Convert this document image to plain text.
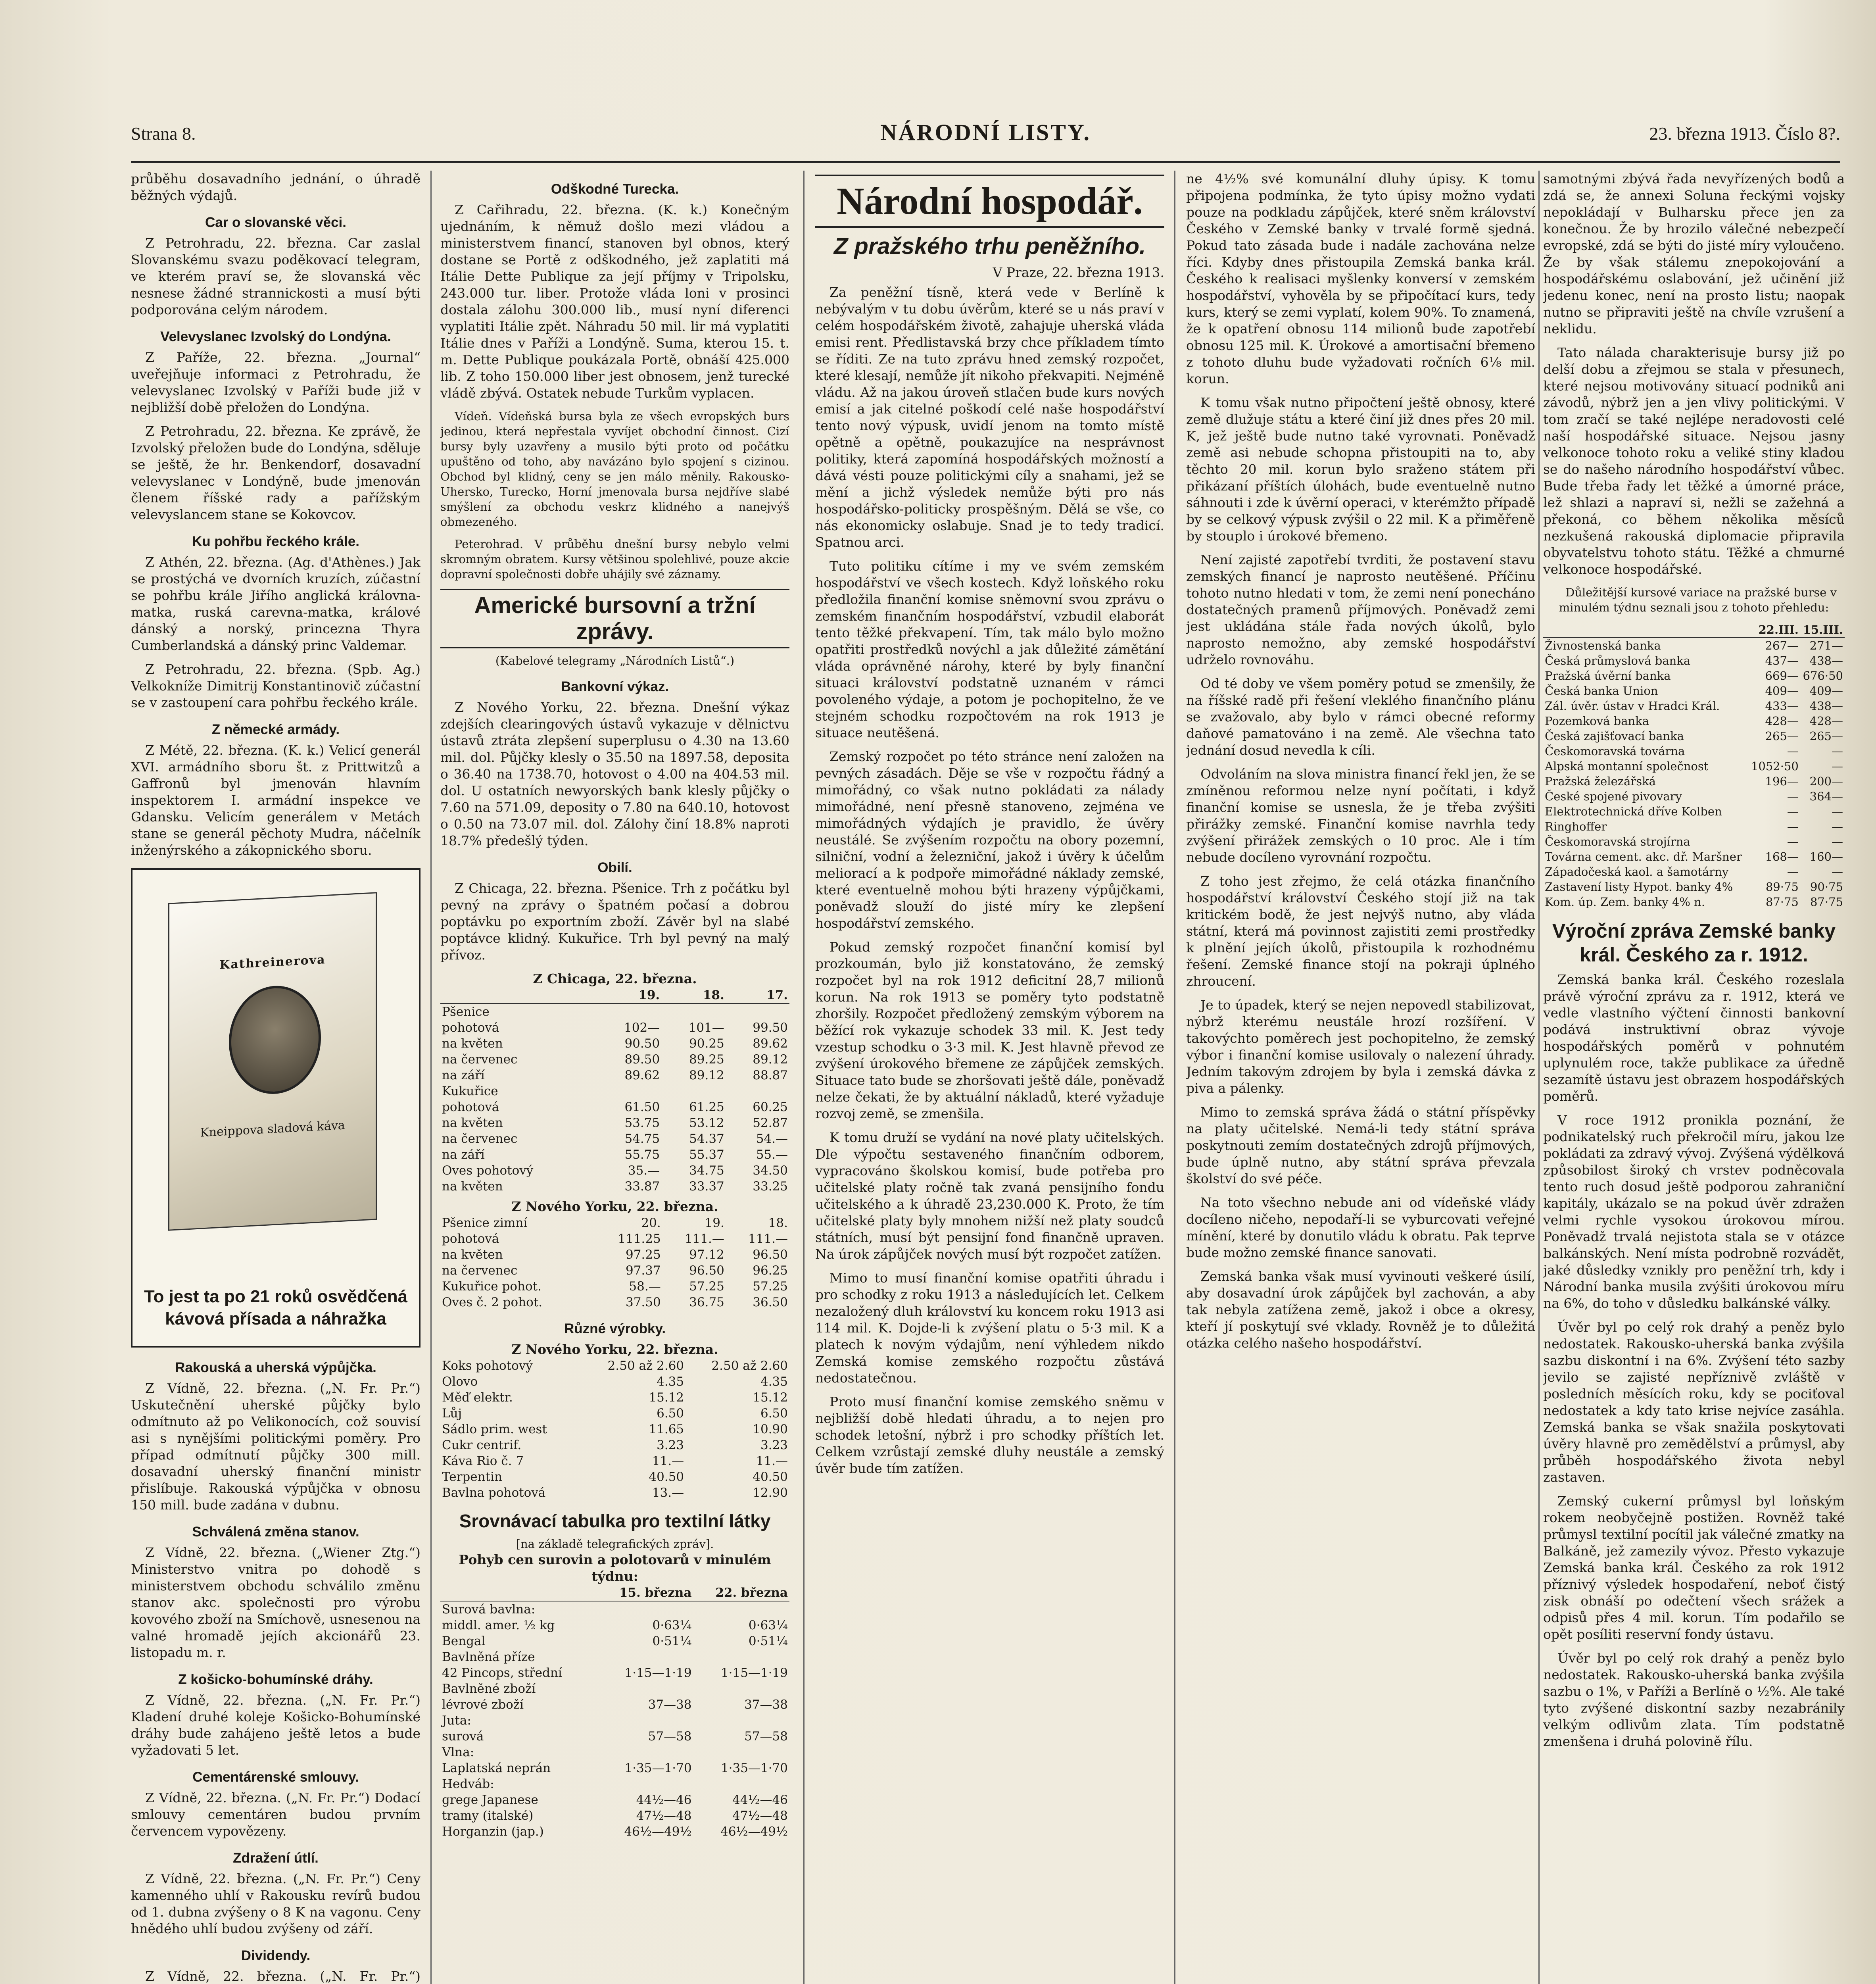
Strana 8.	NÁRODNÍ LISTY.	23. března 1913. Číslo 8?.

průběhu dosavadního jednání, o úhradě běžných výdajů.

Car o slovanské věci.

Z Petrohradu, 22. března. Car zaslal Slovanskému svazu poděkovací telegram, ve kterém praví se, že slovanská věc nesnese žádné strannickosti a musí býti podporována celým národem.

Velevyslanec Izvolský do Londýna.

Z Paříže, 22. března. „Journal“ uveřejňuje informaci z Petrohradu, že velevyslanec Izvolský v Paříži bude již v nejbližší době přeložen do Londýna.

Z Petrohradu, 22. března. Ke zprávě, že Izvolský přeložen bude do Londýna, sděluje se ještě, že hr. Benkendorf, dosavadní velevyslanec v Londýně, bude jmenován členem říšské rady a pařížským velevyslancem stane se Kokovcov.

Ku pohřbu řeckého krále.

Z Athén, 22. března. (Ag. d'Athènes.) Jak se prostýchá ve dvorních kruzích, zúčastní se pohřbu krále Jiřího anglická královna-matka, ruská carevna-matka, králové dánský a norský, princezna Thyra Cumberlandská a dánský princ Valdemar.

Z Petrohradu, 22. března. (Spb. Ag.) Velkokníže Dimitrij Konstantinovič zúčastní se v zastoupení cara pohřbu řeckého krále.

Z německé armády.

Z Métě, 22. března. (K. k.) Velicí generál XVI. armádního sboru št. z Prittwitzů a Gaffronů byl jmenován hlavním inspektorem I. armádní inspekce ve Gdansku. Velicím generálem v Metách stane se generál pěchoty Mudra, náčelník inženýrského a zákopnického sboru.

Kathreinerova
Kneippova sladová káva
To jest ta po 21 roků osvědčená kávová přísada a náhražka
Rakouská a uherská výpůjčka.

Z Vídně, 22. března. („N. Fr. Pr.“) Uskutečnění uherské půjčky bylo odmítnuto až po Velikonocích, což souvisí asi s nynějšími politickými poměry. Pro případ odmítnutí půjčky 300 mill. dosavadní uherský finanční ministr přislíbuje. Rakouská výpůjčka v obnosu 150 mill. bude zadána v dubnu.

Schválená změna stanov.

Z Vídně, 22. března. („Wiener Ztg.“) Ministerstvo vnitra po dohodě s ministerstvem obchodu schválilo změnu stanov akc. společnosti pro výrobu kovového zboží na Smíchově, usnesenou na valné hromadě jejích akcionářů 23. listopadu m. r.

Z košicko-bohumínské dráhy.

Z Vídně, 22. března. („N. Fr. Pr.“) Kladení druhé koleje Košicko-Bohumínské dráhy bude zahájeno ještě letos a bude vyžadovati 5 let.

Cementárenské smlouvy.

Z Vídně, 22. března. („N. Fr. Pr.“) Dodací smlouvy cementáren budou prvním červencem vypovězeny.

Zdražení útlí.

Z Vídně, 22. března. („N. Fr. Pr.“) Ceny kamenného uhlí v Rakousku revírů budou od 1. dubna zvýšeny o 8 K na vagonu. Ceny hnědého uhlí budou zvýšeny od září.

Dividendy.

Z Vídně, 22. března. („N. Fr. Pr.“)

Odškodné Turecka.

Z Cařihradu, 22. března. (K. k.) Konečným ujednáním, k němuž došlo mezi vládou a ministerstvem financí, stanoven byl obnos, který dostane se Portě z odškodného, jež zaplatiti má Itálie Dette Publique za její příjmy v Tripolsku, 243.000 tur. liber. Protože vláda loni v prosinci dostala zálohu 300.000 lib., musí nyní diferenci vyplatiti Itálie zpět. Náhradu 50 mil. lir má vyplatiti Itálie dnes v Paříži a Londýně. Suma, kterou 15. t. m. Dette Publique poukázala Portě, obnáší 425.000 lib. Z toho 150.000 liber jest obnosem, jenž turecké vládě zbývá. Ostatek nebude Turkům vyplacen.

Vídeň. Vídeňská bursa byla ze všech evropských burs jedinou, která nepřestala vyvíjet obchodní činnost. Cizí bursy byly uzavřeny a musilo býti proto od počátku upuštěno od toho, aby navázáno bylo spojení s cizinou. Obchod byl klidný, ceny se jen málo měnily. Rakousko-Uhersko, Turecko, Horní jmenovala bursa nejdříve slabé smýšlení za obchodu veskrz klidného a nanejvýš obmezeného.

Peterohrad. V průběhu dnešní bursy nebylo velmi skromným obratem. Kursy většinou spolehlivé, pouze akcie dopravní společnosti dobře uhájily své záznamy.

Americké bursovní a tržní zprávy.
(Kabelové telegramy „Národních Listů“.)
Bankovní výkaz.

Z Nového Yorku, 22. března. Dnešní výkaz zdejších clearingových ústavů vykazuje v dělnictvu ústavů ztráta zlepšení superplusu o 4.30 na 13.60 mil. dol. Půjčky klesly o 35.50 na 1897.58, deposita o 36.40 na 1738.70, hotovost o 4.00 na 404.53 mil. dol. U ostatních newyorských bank klesly půjčky o 7.60 na 571.09, deposity o 7.80 na 640.10, hotovost o 0.50 na 73.07 mil. dol. Zálohy činí 18.8% naproti 18.7% předešlý týden.

Obilí.

Z Chicaga, 22. března. Pšenice. Trh z počátku byl pevný na zprávy o špatném počasí a dobrou poptávku po exportním zboží. Závěr byl na slabé poptávce klidný. Kukuřice. Trh byl pevný na malý přívoz.

Z Chicaga, 22. března.
	19.	18.	17.
Pšenice			
pohotová	102—	101—	99.50
na květen	90.50	90.25	89.62
na červenec	89.50	89.25	89.12
na září	89.62	89.12	88.87
Kukuřice			
pohotová	61.50	61.25	60.25
na květen	53.75	53.12	52.87
na červenec	54.75	54.37	54.—
na září	55.75	55.37	55.—
Oves pohotový	35.—	34.75	34.50
na květen	33.87	33.37	33.25
Z Nového Yorku, 22. března.
Pšenice zimní	20.	19.	18.
pohotová	111.25	111.—	111.—
na květen	97.25	97.12	96.50
na červenec	97.37	96.50	96.25
Kukuřice pohot.	58.—	57.25	57.25
Oves č. 2 pohot.	37.50	36.75	36.50
Různé výrobky.
Z Nového Yorku, 22. března.
Koks pohotový	2.50 až 2.60	2.50 až 2.60
Olovo	4.35	4.35
Měď elektr.	15.12	15.12
Lůj	6.50	6.50
Sádlo prim. west	11.65	10.90
Cukr centrif.	3.23	3.23
Káva Rio č. 7	11.—	11.—
Terpentin	40.50	40.50
Bavlna pohotová	13.—	12.90
Srovnávací tabulka pro textilní látky
[na základě telegrafických zpráv].
Pohyb cen surovin a polotovarů v minulém týdnu:
	15. března	22. března
Surová bavlna:		
middl. amer. ½ kg	0·63¼	0·63¼
Bengal	0·51¼	0·51¼
Bavlněná příze		
42 Pincops, střední	1·15—1·19	1·15—1·19
Bavlněné zboží		
lévrové zboží	37—38	37—38
Juta:		
surová	57—58	57—58
Vlna:		
Laplatská neprán	1·35—1·70	1·35—1·70
Hedváb:		
grege Japanese	44½—46	44½—46
tramy (italské)	47½—48	47½—48
Horganzin (jap.)	46½—49½	46½—49½
Národní hospodář.
Z pražského trhu peněžního.
V Praze, 22. března 1913.

Za peněžní tísně, která vede v Berlíně k nebývalým v tu dobu úvěrům, které se u nás praví v celém hospodářském životě, zahajuje uherská vláda emisi rent. Předlistavská brzy chce příkladem tímto se říditi. Ze na tuto zprávu hned zemský rozpočet, které klesají, nemůže jít nikoho překvapiti. Nejméně vládu. Až na jakou úroveň stlačen bude kurs nových emisí a jak citelné poškodí celé naše hospodářství tento nový výpusk, uvidí jenom na tomto místě opětně a opětně, poukazujíce na nesprávnost politiky, která zapomíná hospodářských možností a dává vésti pouze politickými cíly a snahami, jež se mění a jichž výsledek nemůže býti pro nás hospodářsko-politicky prospěšným. Dělá se vše, co nás ekonomicky oslabuje. Snad je to tedy tradicí. Spatnou arci.

Tuto politiku cítíme i my ve svém zemském hospodářství ve všech kostech. Když loňského roku předložila finanční komise sněmovní svou zprávu o zemském finančním hospodářství, vzbudil elaborát tento těžké překvapení. Tím, tak málo bylo možno opatřiti prostředků novýchl a jak důležité zámětání vláda oprávněné nárohy, které by byly finanční situaci království podstatně uznaném v rámci povoleného výdaje, a potom je pochopitelno, že ve stejném schodku rozpočtovém na rok 1913 je situace neutěšená.

Zemský rozpočet po této stránce není založen na pevných zásadách. Děje se vše v rozpočtu řádný a mimořádný, co však nutno pokládati za nálady mimořádné, není přesně stanoveno, zejména ve mimořádných výdajích je pravidlo, že úvěry neustálé. Se zvýšením rozpočtu na obory pozemní, silniční, vodní a železniční, jakož i úvěry k účelům meliorací a k podpoře mimořádné náklady zemské, které eventuelně mohou býti hrazeny výpůjčkami, poněvadž slouží do jisté míry ke zlepšení hospodářství zemského.

Pokud zemský rozpočet finanční komisí byl prozkoumán, bylo již konstatováno, že zemský rozpočet byl na rok 1912 deficitní 28,7 milionů korun. Na rok 1913 se poměry tyto podstatně zhoršily. Rozpočet předložený zemským výborem na běžící rok vykazuje schodek 33 mil. K. Jest tedy vzestup schodku o 3·3 mil. K. Jest hlavně převod ze zvýšení úrokového břemene ze zápůjček zemských. Situace tato bude se zhoršovati ještě dále, poněvadž nelze čekati, že by aktuální nákladů, které vyžaduje rozvoj země, se zmenšila.

K tomu druží se vydání na nové platy učitelských. Dle výpočtu sestaveného finančním odborem, vypracováno školskou komisí, bude potřeba pro učitelské platy ročně tak zvaná pensijního fondu učitelského a k úhradě 23,230.000 K. Proto, že tím učitelské platy byly mnohem nižší než platy soudců státních, musí být pensijní fond finančně upraven. Na úrok zápůjček nových musí být rozpočet zatížen.

Mimo to musí finanční komise opatřiti úhradu i pro schodky z roku 1913 a následujících let. Celkem nezaložený dluh království ku koncem roku 1913 asi 114 mil. K. Dojde-li k zvýšení platu o 5·3 mil. K a platech k novým výdajům, není výhledem nikdo Zemská komise zemského rozpočtu zůstává nedostatečnou.

Proto musí finanční komise zemského sněmu v nejbližší době hledati úhradu, a to nejen pro schodek letošní, nýbrž i pro schodky příštích let. Celkem vzrůstají zemské dluhy neustále a zemský úvěr bude tím zatížen.

ne 4½% své komunální dluhy úpisy. K tomu připojena podmínka, že tyto úpisy možno vydati pouze na podkladu zápůjček, které sněm království Českého v Zemské banky v trvalé formě sjedná. Pokud tato zásada bude i nadále zachována nelze říci. Kdyby dnes přistoupila Zemská banka král. Českého k realisaci myšlenky konversí v zemském hospodářství, vyhověla by se připočítací kurs, tedy kurs, který se zemi vyplatí, kolem 90%. To znamená, že k opatření obnosu 114 milionů bude zapotřebí obnosu 125 mil. K. Úrokové a amortisační břemeno z tohoto dluhu bude vyžadovati ročních 6⅛ mil. korun.

K tomu však nutno připočtení ještě obnosy, které země dlužuje státu a které činí již dnes přes 20 mil. K, jež ještě bude nutno také vyrovnati. Poněvadž země asi nebude schopna přistoupiti na to, aby těchto 20 mil. korun bylo sraženo státem při přikázaní příštích úlohách, bude eventuelně nutno sáhnouti i zde k úvěrní operaci, v kterémžto případě by se celkový výpusk zvýšil o 22 mil. K a přiměřeně by stouplo i úrokové břemeno.

Není zajisté zapotřebí tvrditi, že postavení stavu zemských financí je naprosto neutěšené. Příčinu tohoto nutno hledati v tom, že zemi není ponecháno dostatečných pramenů příjmových. Poněvadž zemi jest ukládána stále řada nových úkolů, bylo naprosto nemožno, aby zemské hospodářství udrželo rovnováhu.

Od té doby ve všem poměry potud se zmenšily, že na říšské radě při řešení vleklého finančního plánu se zvažovalo, aby bylo v rámci obecné reformy daňové pamatováno i na země. Ale všechna tato jednání dosud nevedla k cíli.

Odvoláním na slova ministra financí řekl jen, že se zmíněnou reformou nelze nyní počítati, i když finanční komise se usnesla, že je třeba zvýšiti přirážky zemské. Finanční komise navrhla tedy zvýšení přirážek zemských o 10 proc. Ale i tím nebude docíleno vyrovnání rozpočtu.

Z toho jest zřejmo, že celá otázka finančního hospodářství království Českého stojí již na tak kritickém bodě, že jest nejvýš nutno, aby vláda státní, která má povinnost zajistiti zemi prostředky k plnění jejích úkolů, přistoupila k rozhodnému řešení. Zemské finance stojí na pokraji úplného zhroucení.

Je to úpadek, který se nejen nepovedl stabilizovat, nýbrž kterému neustále hrozí rozšíření. V takovýchto poměrech jest pochopitelno, že zemský výbor i finanční komise usilovaly o nalezení úhrady. Jedním takovým zdrojem by byla i zemská dávka z piva a pálenky.

Mimo to zemská správa žádá o státní příspěvky na platy učitelské. Nemá-li tedy státní správa poskytnouti zemím dostatečných zdrojů příjmových, bude úplně nutno, aby státní správa převzala školství do své péče.

Na toto všechno nebude ani od vídeňské vlády docíleno ničeho, nepodaří-li se vyburcovati veřejné mínění, které by donutilo vládu k obratu. Pak teprve bude možno zemské finance sanovati.

Zemská banka však musí vyvinouti veškeré úsilí, aby dosavadní úrok zápůjček byl zachován, a aby tak nebyla zatížena země, jakož i obce a okresy, kteří jí poskytují své vklady. Rovněž je to důležitá otázka celého našeho hospodářství.

samotnými zbývá řada nevyřízených bodů a zdá se, že annexi Soluna řeckými vojsky nepokládají v Bulharsku přece jen za konečnou. Že by hrozilo válečné nebezpečí evropské, zdá se býti do jisté míry vyloučeno. Že by však stálemu znepokojování a hospodářskému oslabování, jež učinění již jedenu konec, není na prosto listu; naopak nutno se připraviti ještě na chvíle vzrušení a neklidu.

Tato nálada charakterisuje bursy již po delší dobu a zřejmou se stala v přesunech, které nejsou motivovány situací podniků ani závodů, nýbrž jen a jen vlivy politickými. V tom zračí se také nejlépe neradovosti celé naší hospodářské situace. Nejsou jasny velkonoce tohoto roku a veliké stiny kladou se do našeho národního hospodářství vůbec. Bude třeba řady let těžké a úmorné práce, lež shlazi a napraví si, nežli se zažehná a překoná, co během několika měsíců nezkušená rakouská diplomacie připravila obyvatelstvu tohoto státu. Těžké a chmurné velkonoce hospodářské.

Důležitější kursové variace na pražské burse v minulém týdnu seznali jsou z tohoto přehledu:

	22.III.	15.III.
Živnostenská banka	267—	271—
Česká průmyslová banka	437—	438—
Pražská úvěrní banka	669—	676·50
Česká banka Union	409—	409—
Zál. úvěr. ústav v Hradci Král.	433—	438—
Pozemková banka	428—	428—
Česká zajišťovací banka	265—	265—
Českomoravská továrna	—	—
Alpská montanní společnost	1052·50	—
Pražská železářská	196—	200—
České spojené pivovary	—	364—
Elektrotechnická dříve Kolben	—	—
Ringhoffer	—	—
Českomoravská strojírna	—	—
Továrna cement. akc. dř. Maršner	168—	160—
Západočeská kaol. a šamotárny	—	—
Zastavení listy Hypot. banky 4%	89·75	90·75
Kom. úp. Zem. banky 4% n.	87·75	87·75
Výroční zpráva Zemské banky král. Českého za r. 1912.

Zemská banka král. Českého rozeslala právě výroční zprávu za r. 1912, která ve vedle vlastního výčtení činnosti bankovní podává instruktivní obraz vývoje hospodářských poměrů v pohnutém uplynulém roce, takže publikace za úředně sezamítě ústavu jest obrazem hospodářských poměrů.

V roce 1912 pronikla poznání, že podnikatelský ruch překročil míru, jakou lze pokládati za zdravý vývoj. Zvýšená výdělková způsobilost široký ch vrstev podněcovala tento ruch dosud ještě podporou zahraniční kapitály, ukázalo se na pokud úvěr zdražen velmi rychle vysokou úrokovou mírou. Poněvadž trvalá nejistota stala se v otázce balkánských. Není místa podrobně rozvádět, jaké důsledky vznikly pro peněžní trh, kdy i Národní banka musila zvýšiti úrokovou míru na 6%, do toho v důsledku balkánské války.

Úvěr byl po celý rok drahý a peněz bylo nedostatek. Rakousko-uherská banka zvýšila sazbu diskontní i na 6%. Zvýšení této sazby jevilo se zajisté nepříznivě zvláště v posledních měsících roku, kdy se pociťoval nedostatek a kdy tato krise nejvíce zasáhla. Zemská banka se však snažila poskytovati úvěry hlavně pro zemědělství a průmysl, aby průběh hospodářského života nebyl zastaven.

Zemský cukerní průmysl byl loňským rokem neobyčejně postižen. Rovněž také průmysl textilní pocítil jak válečné zmatky na Balkáně, jež zamezily vývoz. Přesto vykazuje Zemská banka král. Českého za rok 1912 příznivý výsledek hospodaření, neboť čistý zisk obnáší po odečtení všech srážek a odpisů přes 4 mil. korun. Tím podařilo se opět posíliti reservní fondy ústavu.

Úvěr byl po celý rok drahý a peněz bylo nedostatek. Rakousko-uherská banka zvýšila sazbu o 1%, v Paříži a Berlíně o ½%. Ale také tyto zvýšené diskontní sazby nezabránily velkým odlivům zlata. Tím podstatně zmenšena i druhá polovině řílu.
